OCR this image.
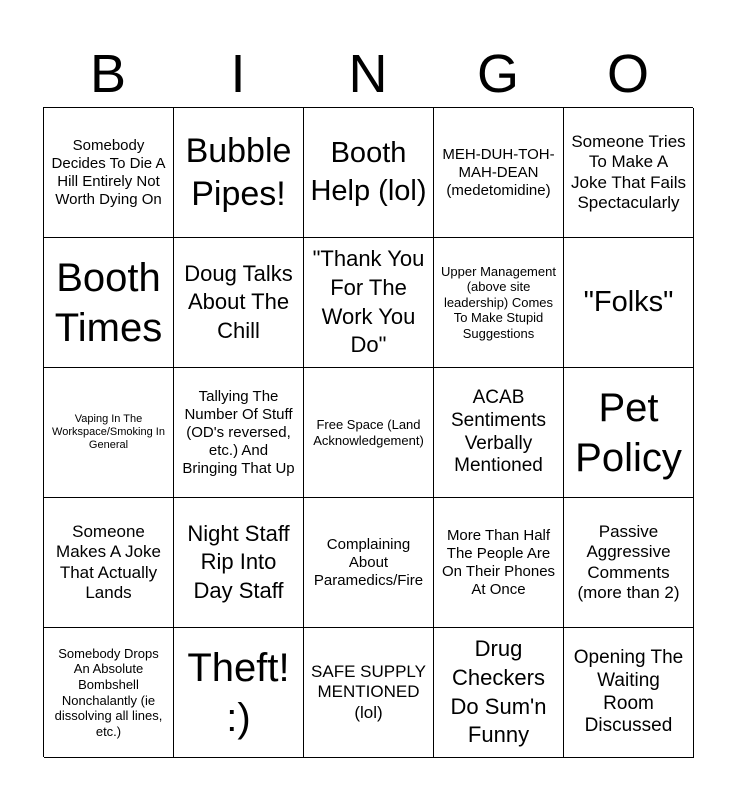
B	I	N	G	O
Somebody Decides To Die A Hill Entirely Not Worth Dying On
Bubble Pipes!
Booth Help (lol)
MEH-DUH-TOH-MAH-DEAN (medetomidine)
Someone Tries To Make A Joke That Fails Spectacularly
Booth Times
Doug Talks About The Chill
"Thank You For The Work You Do"
Upper Management (above site leadership) Comes To Make Stupid Suggestions
"Folks"
Vaping In The Workspace/Smoking In General
Tallying The Number Of Stuff (OD's reversed, etc.) And Bringing That Up
Free Space (Land Acknowledgement)
ACAB Sentiments Verbally Mentioned
Pet Policy
Someone Makes A Joke That Actually Lands
Night Staff Rip Into Day Staff
Complaining About Paramedics/Fire
More Than Half The People Are On Their Phones At Once
Passive Aggressive Comments (more than 2)
Somebody Drops An Absolute Bombshell Nonchalantly (ie dissolving all lines, etc.)
Theft! :)
SAFE SUPPLY MENTIONED (lol)
Drug Checkers Do Sum'n Funny
Opening The Waiting Room Discussed
